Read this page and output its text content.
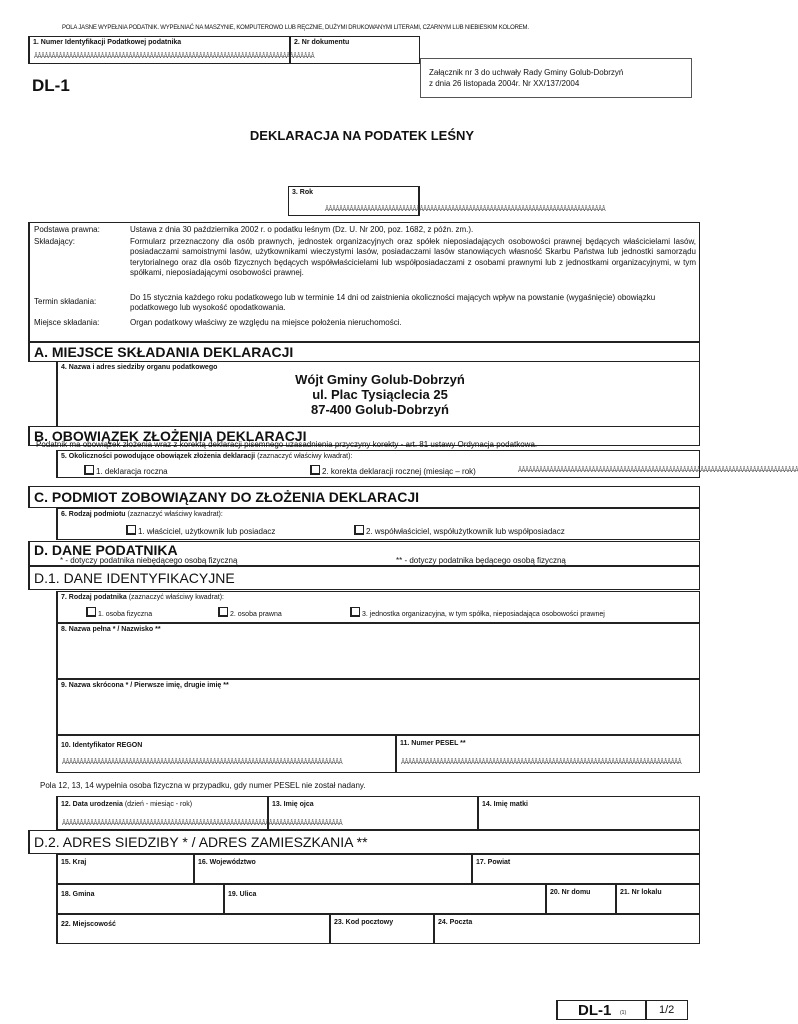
POLA JASNE WYPEŁNIA PODATNIK. WYPEŁNIAĆ NA MASZYNIE, KOMPUTEROWO LUB RĘCZNIE, DUŻYMI DRUKOWANYMI LITERAMI, CZARNYM LUB NIEBIESKIM KOLOREM.
1. Numer Identyfikacji Podatkowej podatnika
ÂÂÂÂÂÂÂÂÂÂÂÂÂÂÂÂÂÂÂÂÂÂÂÂÂÂÂÂÂÂÂÂÂÂÂÂÂÂÂÂÂÂÂÂÂÂÂÂÂÂÂÂÂÂÂÂÂÂÂÂÂÂÂÂÂÂÂÂÂÂÂÂÂÂÂÂÂÂÂÂ
2. Nr dokumentu
DL-1
Załącznik nr 3 do uchwały Rady Gminy Golub-Dobrzyń
z dnia 26 listopada 2004r. Nr XX/137/2004
DEKLARACJA NA PODATEK LEŚNY
3. Rok
ÂÂÂÂÂÂÂÂÂÂÂÂÂÂÂÂÂÂÂÂÂÂÂÂÂÂÂÂÂÂÂÂÂÂÂÂÂÂÂÂÂÂÂÂÂÂÂÂÂÂÂÂÂÂÂÂÂÂÂÂÂÂÂÂÂÂÂÂÂÂÂÂÂÂÂÂÂÂÂÂ
Podstawa prawna:	Ustawa z dnia 30 października 2002 r. o podatku leśnym (Dz. U. Nr 200, poz. 1682, z późn. zm.).
Składający:	Formularz przeznaczony dla osób prawnych, jednostek organizacyjnych oraz spółek nieposiadających osobowości prawnej będących właścicielami lasów, posiadaczami samoistnymi lasów, użytkownikami wieczystymi lasów, posiadaczami lasów stanowiących własność Skarbu Państwa lub jednostki samorządu terytorialnego oraz dla osób fizycznych będących współwłaścicielami lub współposiadaczami z osobami prawnymi lub z jednostkami organizacyjnymi, w tym spółkami, nieposiadającymi osobowości prawnej.
Termin składania:	Do 15 stycznia każdego roku podatkowego lub w terminie 14 dni od zaistnienia okoliczności mających wpływ na powstanie (wygaśnięcie) obowiązku podatkowego lub wysokość opodatkowania.
Miejsce składania:	Organ podatkowy właściwy ze względu na miejsce położenia nieruchomości.
A. MIEJSCE SKŁADANIA DEKLARACJI
4. Nazwa i adres siedziby organu podatkowego
Wójt Gminy Golub-Dobrzyń
ul. Plac Tysiąclecia 25
87-400 Golub-Dobrzyń
B. OBOWIĄZEK ZŁOŻENIA DEKLARACJI
Podatnik ma obowiązek złożenia wraz z korektą deklaracji pisemnego uzasadnienia przyczyny korekty - art. 81 ustawy Ordynacja podatkowa.
5. Okoliczności powodujące obowiązek złożenia deklaracji (zaznaczyć właściwy kwadrat):
1. deklaracja roczna	2. korekta deklaracji rocznej (miesiąc – rok)	ÂÂÂÂÂÂÂÂÂÂÂÂÂÂÂÂÂÂÂÂÂÂÂÂÂÂÂÂÂÂÂÂÂÂÂÂÂÂÂÂÂÂÂÂÂÂÂÂÂÂÂÂÂÂÂÂÂÂÂÂÂÂÂÂÂÂÂÂÂÂÂÂÂÂÂÂÂÂÂÂ
C. PODMIOT ZOBOWIĄZANY DO ZŁOŻENIA DEKLARACJI
6. Rodzaj podmiotu (zaznaczyć właściwy kwadrat):
1. właściciel, użytkownik lub posiadacz	2. współwłaściciel, współużytkownik lub współposiadacz
D. DANE PODATNIKA
* - dotyczy podatnika niebędącego osobą fizyczną	** - dotyczy podatnika będącego osobą fizyczną
D.1. DANE IDENTYFIKACYJNE
7. Rodzaj podatnika (zaznaczyć właściwy kwadrat):
1. osoba fizyczna	2. osoba prawna	3. jednostka organizacyjna, w tym spółka, nieposiadająca osobowości prawnej
8. Nazwa pełna * / Nazwisko **
9. Nazwa skrócona * / Pierwsze imię, drugie imię **
10. Identyfikator REGON
ÂÂÂÂÂÂÂÂÂÂÂÂÂÂÂÂÂÂÂÂÂÂÂÂÂÂÂÂÂÂÂÂÂÂÂÂÂÂÂÂÂÂÂÂÂÂÂÂÂÂÂÂÂÂÂÂÂÂÂÂÂÂÂÂÂÂÂÂÂÂÂÂÂÂÂÂÂÂÂÂ
11. Numer PESEL **
ÂÂÂÂÂÂÂÂÂÂÂÂÂÂÂÂÂÂÂÂÂÂÂÂÂÂÂÂÂÂÂÂÂÂÂÂÂÂÂÂÂÂÂÂÂÂÂÂÂÂÂÂÂÂÂÂÂÂÂÂÂÂÂÂÂÂÂÂÂÂÂÂÂÂÂÂÂÂÂÂ
Pola 12, 13, 14 wypełnia osoba fizyczna w przypadku, gdy numer PESEL nie został nadany.
12. Data urodzenia (dzień - miesiąc - rok)
ÂÂÂÂÂÂÂÂÂÂÂÂÂÂÂÂÂÂÂÂÂÂÂÂÂÂÂÂÂÂÂÂÂÂÂÂÂÂÂÂÂÂÂÂÂÂÂÂÂÂÂÂÂÂÂÂÂÂÂÂÂÂÂÂÂÂÂÂÂÂÂÂÂÂÂÂÂÂÂÂ
13. Imię ojca	14. Imię matki
D.2. ADRES SIEDZIBY * / ADRES ZAMIESZKANIA **
15. Kraj	16. Województwo	17. Powiat
18. Gmina	19. Ulica	20. Nr domu	21. Nr lokalu
22. Miejscowość	23. Kod pocztowy	24. Poczta
DL-1 (1)	1/2
